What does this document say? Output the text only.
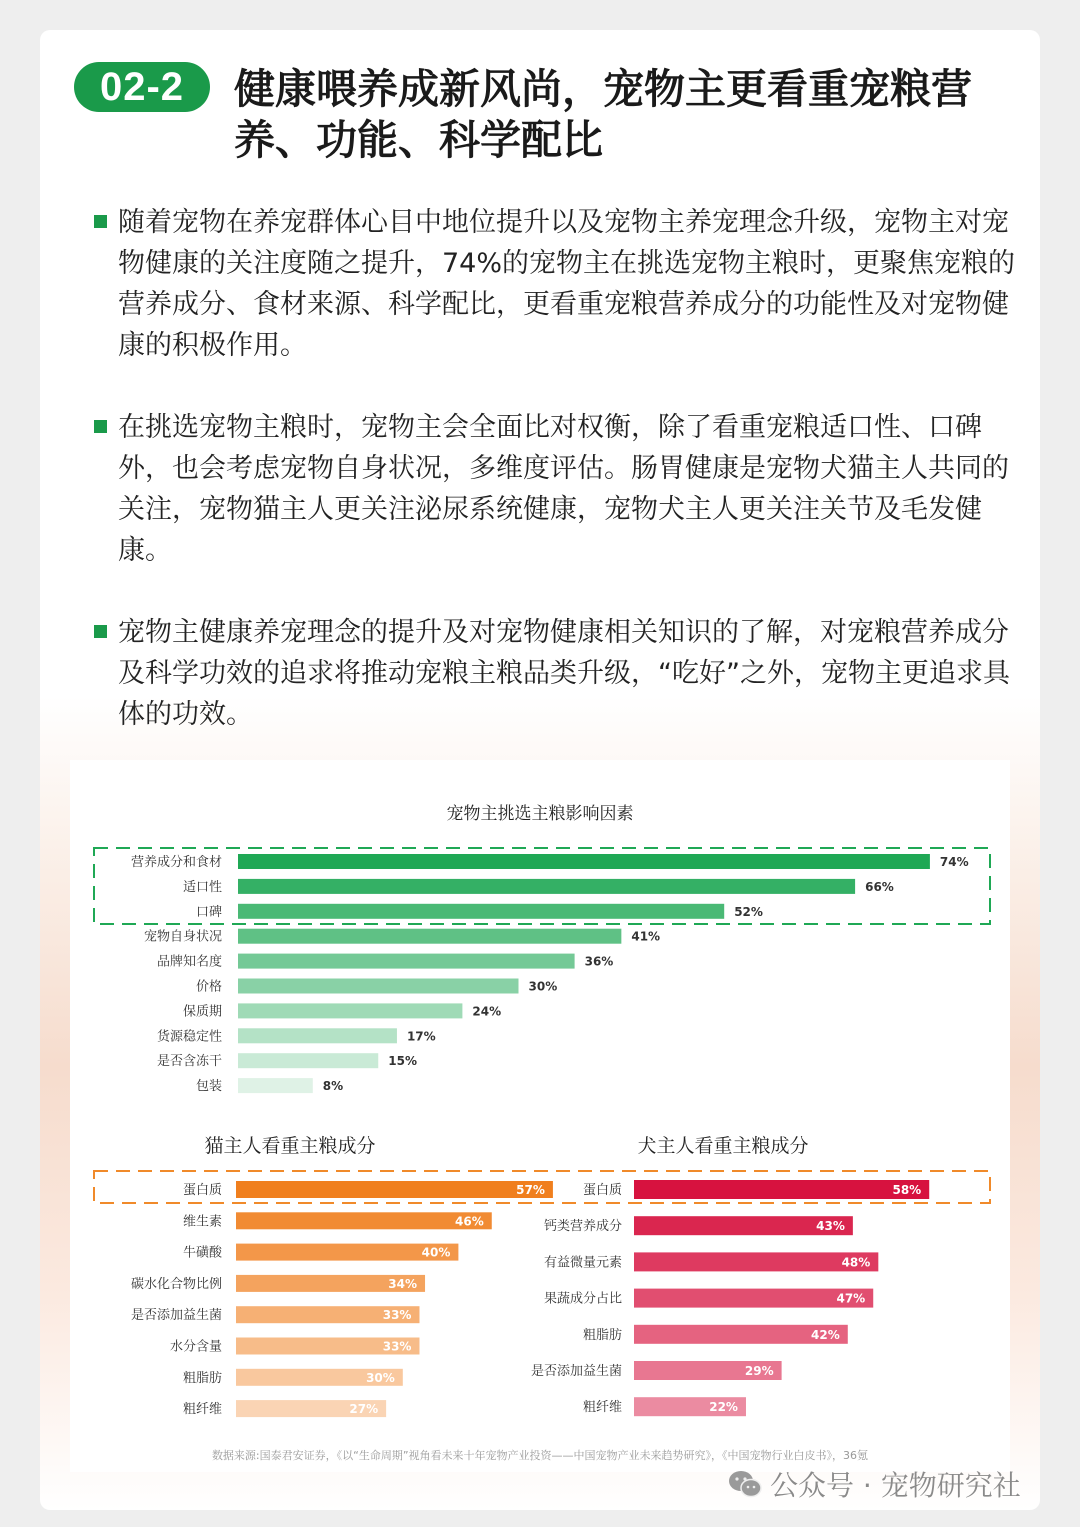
02-2	健康喂养成新风尚，宠物主更看重宠粮营养、功能、科学配比
随着宠物在养宠群体心目中地位提升以及宠物主养宠理念升级，宠物主对宠物健康的关注度随之提升，74%的宠物主在挑选宠物主粮时，更聚焦宠粮的营养成分、食材来源、科学配比，更看重宠粮营养成分的功能性及对宠物健康的积极作用。
在挑选宠物主粮时，宠物主会全面比对权衡，除了看重宠粮适口性、口碑外，也会考虑宠物自身状况，多维度评估。肠胃健康是宠物犬猫主人共同的关注，宠物猫主人更关注泌尿系统健康，宠物犬主人更关注关节及毛发健康。
宠物主健康养宠理念的提升及对宠物健康相关知识的了解，对宠粮营养成分及科学功效的追求将推动宠粮主粮品类升级，“吃好”之外，宠物主更追求具体的功效。
宠物主挑选主粮影响因素
营养成分和食材	74%
适口性	66%
口碑	52%
宠物自身状况	41%
品牌知名度	36%
价格	30%
保质期	24%
货源稳定性	17%
是否含冻干	15%
包装	8%
猫主人看重主粮成分
蛋白质	57%
维生素	46%
牛磺酸	40%
碳水化合物比例	34%
是否添加益生菌	33%
水分含量	33%
粗脂肪	30%
粗纤维	27%
犬主人看重主粮成分
蛋白质	58%
钙类营养成分	43%
有益微量元素	48%
果蔬成分占比	47%
粗脂肪	42%
是否添加益生菌	29%
粗纤维	22%
数据来源:国泰君安证券，《以“生命周期”视角看未来十年宠物产业投资——中国宠物产业未来趋势研究》，《中国宠物行业白皮书》，36氪
公众号 · 宠物研究社
